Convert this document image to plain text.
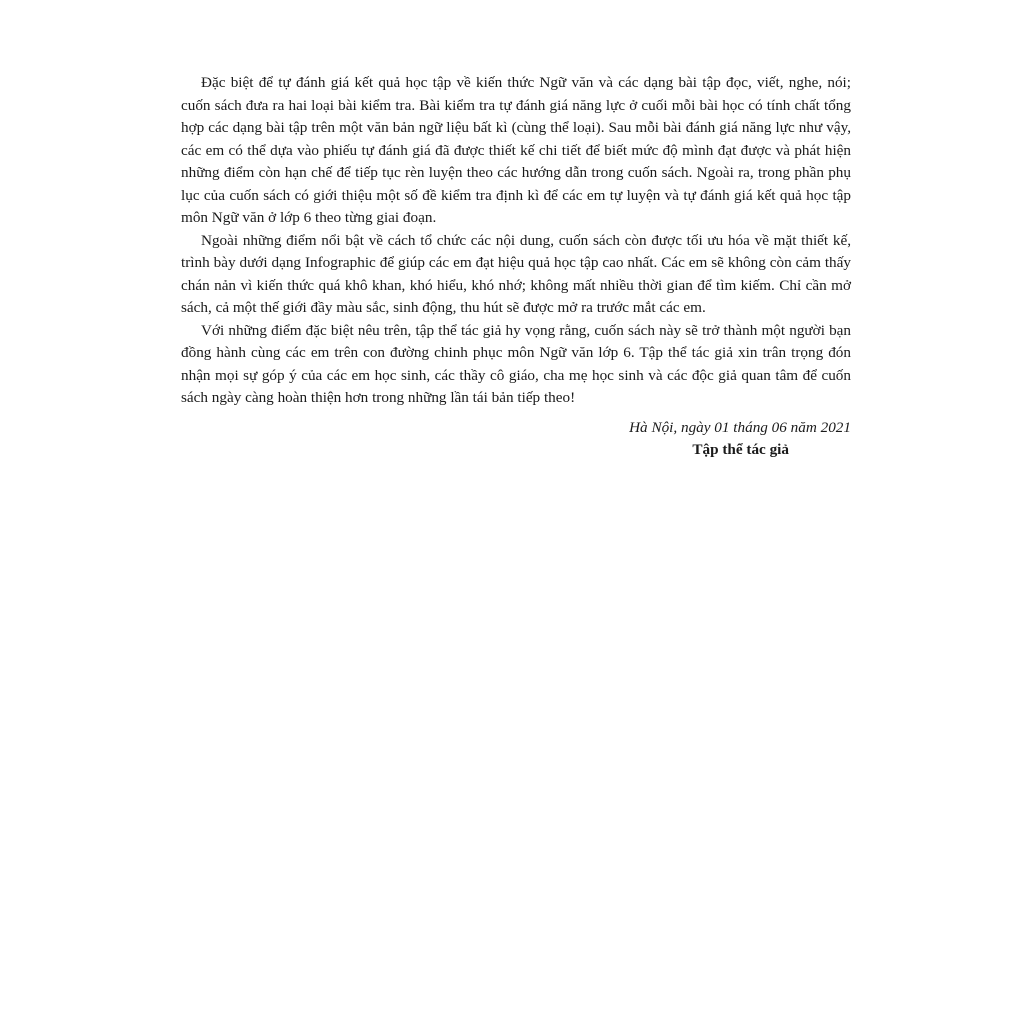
Đặc biệt để tự đánh giá kết quả học tập về kiến thức Ngữ văn và các dạng bài tập đọc, viết, nghe, nói; cuốn sách đưa ra hai loại bài kiểm tra. Bài kiểm tra tự đánh giá năng lực ở cuối mỗi bài học có tính chất tổng hợp các dạng bài tập trên một văn bản ngữ liệu bất kì (cùng thể loại). Sau mỗi bài đánh giá năng lực như vậy, các em có thể dựa vào phiếu tự đánh giá đã được thiết kế chi tiết để biết mức độ mình đạt được và phát hiện những điểm còn hạn chế để tiếp tục rèn luyện theo các hướng dẫn trong cuốn sách. Ngoài ra, trong phần phụ lục của cuốn sách có giới thiệu một số đề kiểm tra định kì để các em tự luyện và tự đánh giá kết quả học tập môn Ngữ văn ở lớp 6 theo từng giai đoạn.

Ngoài những điểm nổi bật về cách tổ chức các nội dung, cuốn sách còn được tối ưu hóa về mặt thiết kế, trình bày dưới dạng Infographic để giúp các em đạt hiệu quả học tập cao nhất. Các em sẽ không còn cảm thấy chán nản vì kiến thức quá khô khan, khó hiểu, khó nhớ; không mất nhiều thời gian để tìm kiếm. Chỉ cần mở sách, cả một thế giới đầy màu sắc, sinh động, thu hút sẽ được mở ra trước mắt các em.

Với những điểm đặc biệt nêu trên, tập thể tác giả hy vọng rằng, cuốn sách này sẽ trở thành một người bạn đồng hành cùng các em trên con đường chinh phục môn Ngữ văn lớp 6. Tập thể tác giả xin trân trọng đón nhận mọi sự góp ý của các em học sinh, các thầy cô giáo, cha mẹ học sinh và các độc giả quan tâm để cuốn sách ngày càng hoàn thiện hơn trong những lần tái bản tiếp theo!

Hà Nội, ngày 01 tháng 06 năm 2021

Tập thể tác giả
